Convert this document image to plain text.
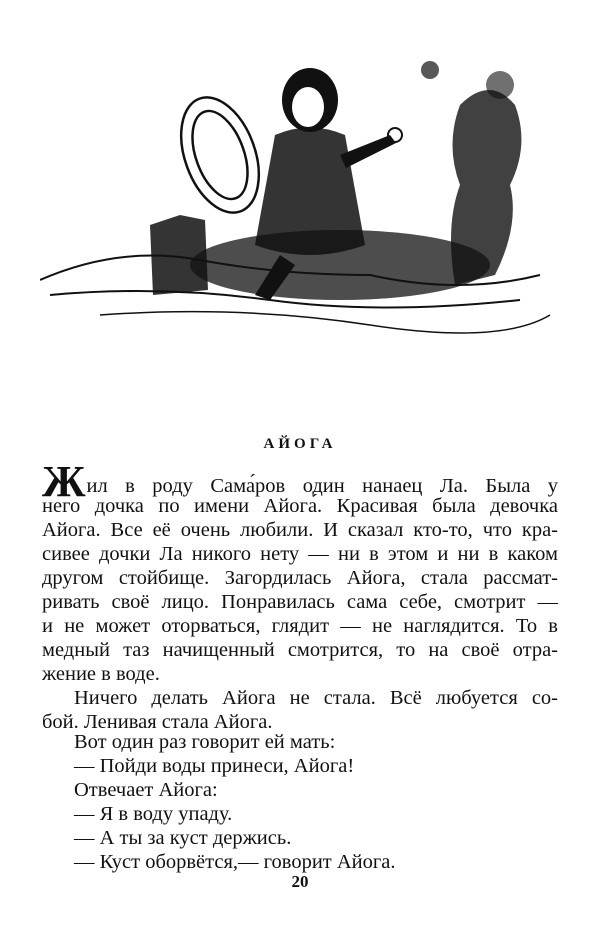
АЙОГА
Жил в роду Сама́ров один нанаец Ла. Была у
него дочка по имени Айога́. Красивая была девочка
Айога. Все её очень любили. И сказал кто-то, что кра-
сивее дочки Ла никого нету — ни в этом и ни в каком
другом стойбище. Загордилась Айога, стала рассмат-
ривать своё лицо. Понравилась сама себе, смотрит —
и не может оторваться, глядит — не наглядится. То в
медный таз начищенный смотрится, то на своё отра-
жение в воде.
Ничего делать Айога не стала. Всё любуется со-
бой. Ленивая стала Айога.
Вот один раз говорит ей мать:
— Пойди воды принеси, Айога!
Отвечает Айога:
— Я в воду упаду.
— А ты за куст держись.
20
— Куст оборвётся,— говорит Айога.
